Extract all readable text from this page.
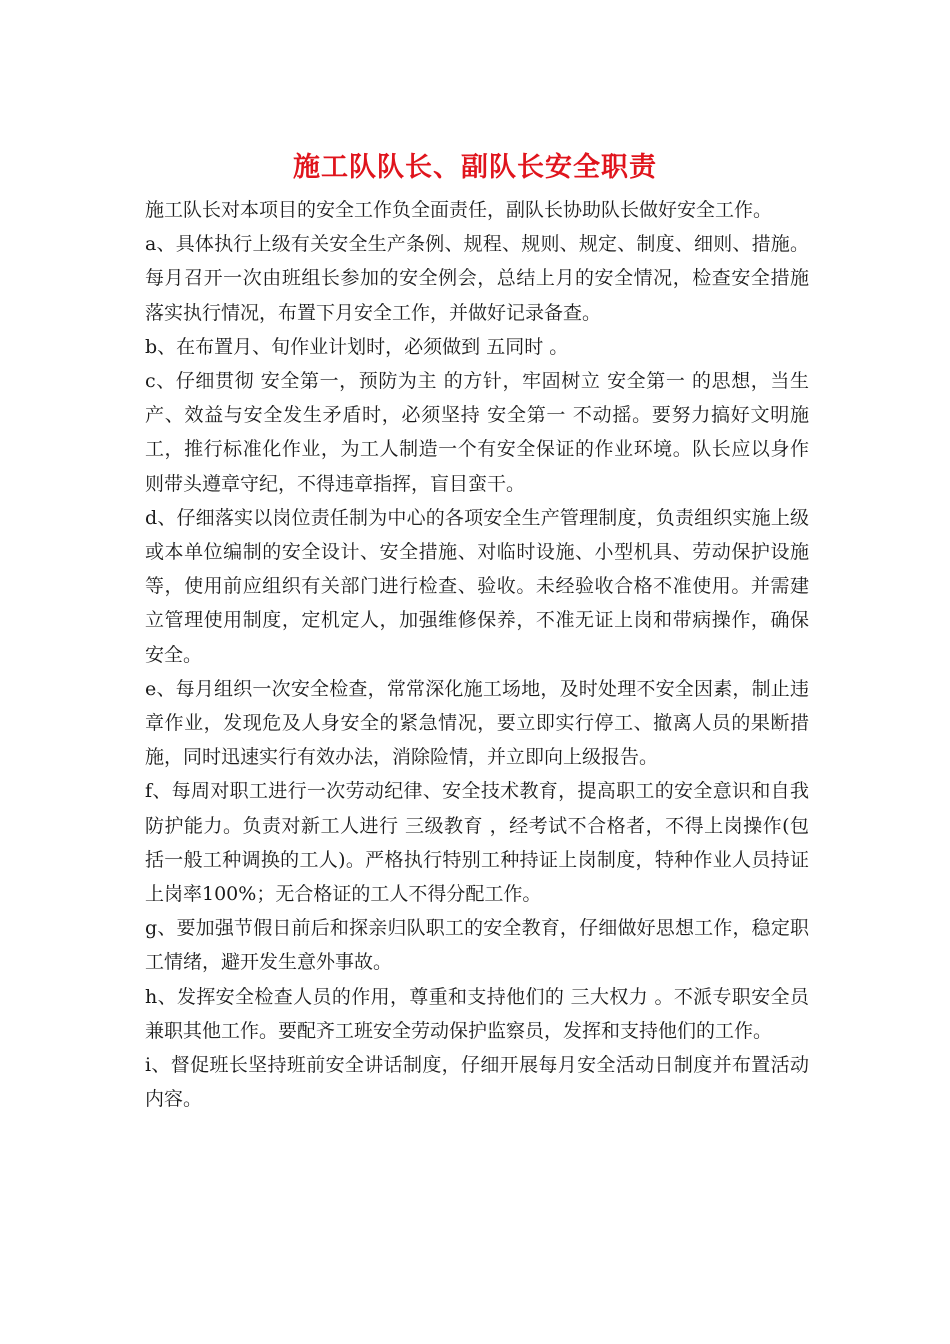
施工队队长、副队长安全职责

施工队长对本项目的安全工作负全面责任，副队长协助队长做好安全工作。

a、具体执行上级有关安全生产条例、规程、规则、规定、制度、细则、措施。每月召开一次由班组长参加的安全例会，总结上月的安全情况，检查安全措施落实执行情况，布置下月安全工作，并做好记录备查。

b、在布置月、旬作业计划时，必须做到 五同时 。

c、仔细贯彻 安全第一，预防为主 的方针，牢固树立 安全第一 的思想，当生产、效益与安全发生矛盾时，必须坚持 安全第一 不动摇。要努力搞好文明施工，推行标准化作业，为工人制造一个有安全保证的作业环境。队长应以身作则带头遵章守纪，不得违章指挥，盲目蛮干。

d、仔细落实以岗位责任制为中心的各项安全生产管理制度，负责组织实施上级或本单位编制的安全设计、安全措施、对临时设施、小型机具、劳动保护设施等，使用前应组织有关部门进行检查、验收。未经验收合格不准使用。并需建立管理使用制度，定机定人，加强维修保养，不准无证上岗和带病操作，确保安全。

e、每月组织一次安全检查，常常深化施工场地，及时处理不安全因素，制止违章作业，发现危及人身安全的紧急情况，要立即实行停工、撤离人员的果断措施，同时迅速实行有效办法，消除险情，并立即向上级报告。

f、每周对职工进行一次劳动纪律、安全技术教育，提高职工的安全意识和自我防护能力。负责对新工人进行 三级教育 ，经考试不合格者，不得上岗操作(包括一般工种调换的工人)。严格执行特别工种持证上岗制度，特种作业人员持证上岗率100%；无合格证的工人不得分配工作。

g、要加强节假日前后和探亲归队职工的安全教育，仔细做好思想工作，稳定职工情绪，避开发生意外事故。

h、发挥安全检查人员的作用，尊重和支持他们的 三大权力 。不派专职安全员兼职其他工作。要配齐工班安全劳动保护监察员，发挥和支持他们的工作。

i、督促班长坚持班前安全讲话制度，仔细开展每月安全活动日制度并布置活动内容。
